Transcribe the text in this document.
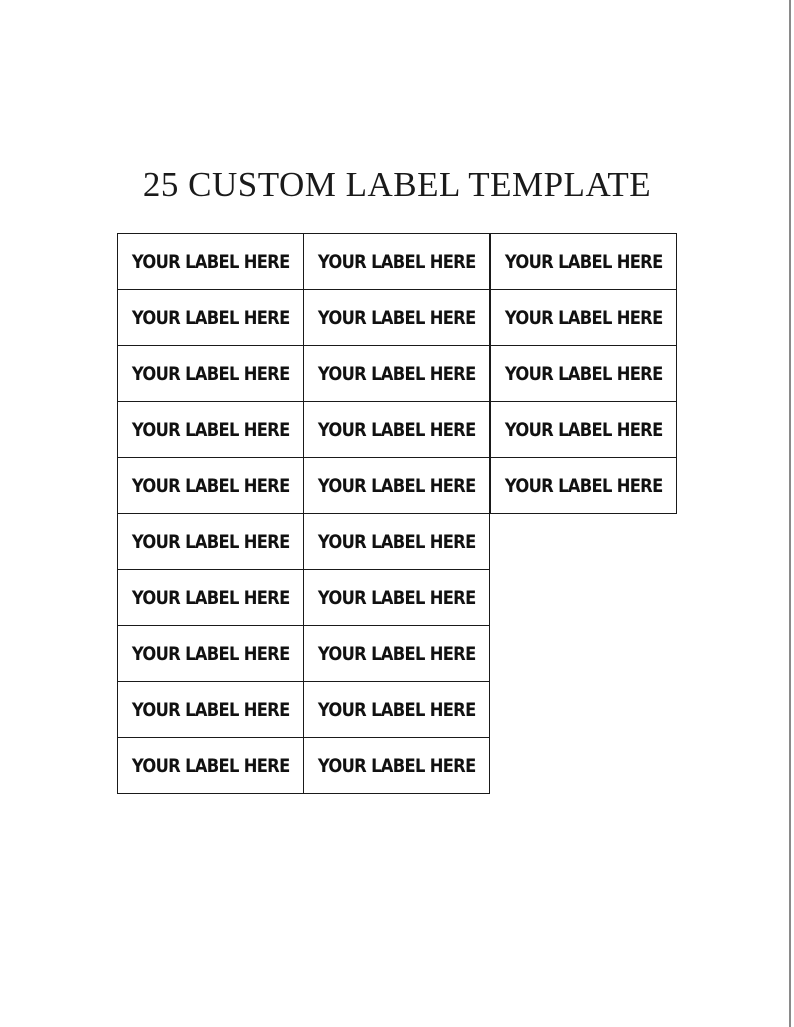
25 CUSTOM LABEL TEMPLATE
YOUR LABEL HERE
YOUR LABEL HERE
YOUR LABEL HERE
YOUR LABEL HERE
YOUR LABEL HERE
YOUR LABEL HERE
YOUR LABEL HERE
YOUR LABEL HERE
YOUR LABEL HERE
YOUR LABEL HERE
YOUR LABEL HERE
YOUR LABEL HERE
YOUR LABEL HERE
YOUR LABEL HERE
YOUR LABEL HERE
YOUR LABEL HERE
YOUR LABEL HERE
YOUR LABEL HERE
YOUR LABEL HERE
YOUR LABEL HERE
YOUR LABEL HERE
YOUR LABEL HERE
YOUR LABEL HERE
YOUR LABEL HERE
YOUR LABEL HERE
